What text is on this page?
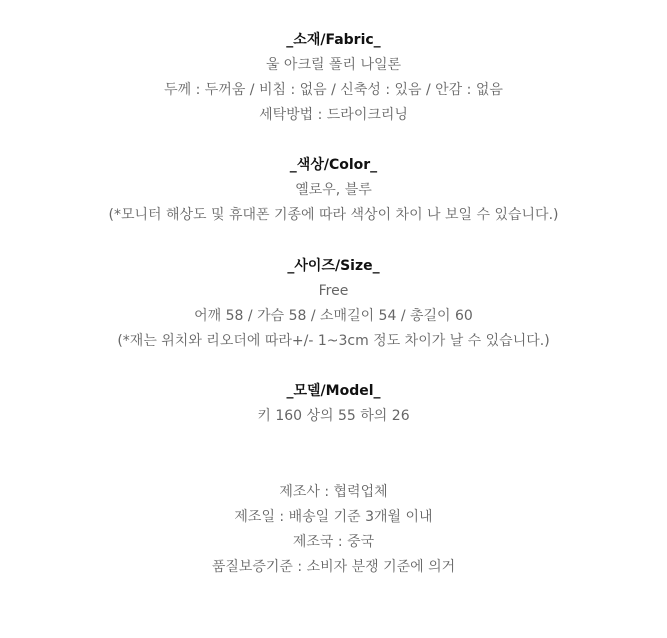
_소재/Fabric_
울 아크릴 폴리 나일론
두께 : 두꺼움 / 비침 : 없음 / 신축성 : 있음 / 안감 : 없음
세탁방법 : 드라이크리닝
_색상/Color_
옐로우, 블루
(*모니터 해상도 및 휴대폰 기종에 따라 색상이 차이 나 보일 수 있습니다.)
_사이즈/Size_
Free
어깨 58 / 가슴 58 / 소매길이 54 / 총길이 60
(*재는 위치와 리오더에 따라+/- 1~3cm 정도 차이가 날 수 있습니다.)
_모델/Model_
키 160 상의 55 하의 26
제조사 : 협력업체
제조일 : 배송일 기준 3개월 이내
제조국 : 중국
품질보증기준 : 소비자 분쟁 기준에 의거
